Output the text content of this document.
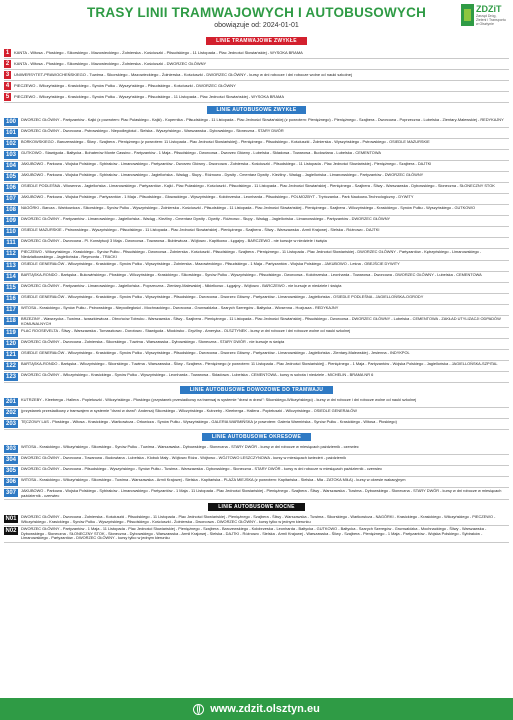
TRASY LINII TRAMWAJOWYCH I AUTOBUSOWYCH
obowiązuje od: 2024-01-01
ZDZiT
Zarząd Dróg, Zieleni i Transportu w Olsztynie
LINIE TRAMWAJOWE ZWYKŁE
1	KANTA - Witosa - Płoskiego - Sikorskiego - Mazowieckiego - Żołnierska - Kościuszki - Piłsudskiego - 11 Listopada - Plac Jedności Słowiańskiej - WYSOKA BRAMA
2	KANTA - Witosa - Płoskiego - Sikorskiego - Mazowieckiego - Żołnierska - Kościuszki - DWORZEC GŁÓWNY
3	UNIWERSYTET-PRAWOCHEŃSKIEGO - Tuwima - Sikorskiego - Mazowieckiego - Żołnierska - Kościuszki - DWORZEC GŁÓWNY - kursy w dni robocze i dni robocze wolne od nauki szkolnej
4	PIECZEWO - Wilczyńskiego - Krasickiego - Synów Pułku - Wyszyńskiego - Piłsudskiego - Kościuszki - DWORZEC GŁÓWNY
5	PIECZEWO - Wilczyńskiego - Krasickiego - Synów Pułku - Wyszyńskiego - Piłsudskiego - 11 Listopada - Plac Jedności Słowiańskiej - WYSOKA BRAMA
LINIE AUTOBUSOWE ZWYKŁE
100	DWORZEC GŁÓWNY - Partyzantów - Kajki (z powrotem: Plac Pułaskiego - Kajki) - Kopernika - Piłsudskiego - 11 Listopada - Plac Jedności Słowiańskiej (z powrotem: Pieniężnego) - Pieniężnego - Szajbera - Dworcowa - Poprzeczna - Lubelska - Zientary-Malewskiej - REDYKAJNY
101	DWORZEC GŁÓWNY - Dworcowa - Pstrowskiego - Niepodległości - Sielska - Wyszyńskiego - Warszawska - Dybowskiego - Słoneczna - STARY DWÓR
102	BORKOWSKIEGO - Barczewskiego - Śliwy - Szajbera - Pieniężnego (z powrotem: 11 Listopada - Plac Jedności Słowiańskiej) - Pieniężnego - Piłsudskiego - Kościuszki - Żołnierska - Wyszyńskiego - Pstrowskiego - OSIEDLE MAZURSKIE
103	GUTKOWO - Stawiguda - Bałtycka - Bohaterów Monte Cassino - Partyzantów - 1 Maja - Piłsudskiego - Dworcowa - Dworzec Główny - Lubelska - Składowa - Towarowa - Budowlana - Lubelska - CEMENTOWA
104	JAKUBOWO - Parkowa - Wojska Polskiego - Sybiraków - Limanowskiego - Partyzantów - Dworzec Główny - Dworcowa - Żołnierska - Kościuszki - Piłsudskiego - 11 Listopada - Plac Jedności Słowiańskiej - Pieniężnego - Szajbera - DAJTKI
105	JAKUBOWO - Parkowa - Wojska Polskiego - Sybiraków - Limanowskiego - Jagiellońska - Wadąg - Słupy - Różnowo - Dywity - Cmentarz Dywity - Kieźliny - Wadąg - Jagiellońska - Limanowskiego - Partyzantów - DWORZEC GŁÓWNY
106	OSIEDLE PODLEŚNA - Wiosenna - Jagiellońska - Limanowskiego - Partyzantów - Kajki - Plac Pułaskiego - Kościuszki - Piłsudskiego - 11 Listopada - Plac Jedności Słowiańskiej - Pieniężnego - Szajbera - Śliwy - Warszawska - Dybowskiego - Słoneczna - SŁONECZNY STOK
107	JAKUBOWO - Parkowa - Wojska Polskiego - Partyzantów - 1 Maja - Piłsudskiego - Głowackiego - Wyszyńskiego - Kołobrzeska - Leonharda - Piłsudskiego - POLMOZBYT - Tryńczanka - Park Naukowo-Technologiczny - DYWITY
108	NAGÓRKI - Barcza - Wańkowicza - Sikorskiego - Synów Pułku - Wyszyńskiego - Żołnierska - Kościuszki - Piłsudskiego - 11 Listopada - Plac Jedności Słowiańskiej - Pieniężnego - Szajbera - Wilczyńskiego - Krasickiego - Synów Pułku - Wyszyńskiego - GUTKOWO
109	DWORZEC GŁÓWNY - Partyzantów - Limanowskiego - Jagiellońska - Wadąg - Kieźliny - Cmentarz Dywity - Dywity - Różnowo - Słupy - Wadąg - Jagiellońska - Limanowskiego - Partyzantów - DWORZEC GŁÓWNY
110	OSIEDLE MAZURSKIE - Pstrowskiego - Wyszyńskiego - Piłsudskiego - 11 Listopada - Plac Jedności Słowiańskiej - Pieniężnego - Szajbera - Śliwy - Warszawska - Armii Krajowej - Sielska - Różnowo - DAJTKI
111	DWORZEC GŁÓWNY - Dworcowa - Pl. Konstytucji 3 Maja - Dworcowa - Towarowa - Bublewicza - Wójtowo - Kapitkowo - Łęgajny - BARCZEWO - nie kursuje w niedziele i święta
112	PIECZEWO - Wilczyńskiego - Krasickiego - Synów Pułku - Piłsudskiego - Dworcowa - Żołnierska - Kościuszki - Piłsudskiego - Szajbera - Pieniężnego - 11 Listopada - Plac Jedności Słowiańskiej - DWORZEC GŁÓWNY - Partyzantów - Kętrzyńskiego - Limanowskiego - Niedziałkowskiego - Jagiellońska - Reymonta - TRACKI
113	OSIEDLE GENERAŁÓW - Wilczyńskiego - Krasickiego - Synów Pułku - Wyszyńskiego - Żołnierska - Mazowieckiego - Piłsudskiego - 1 Maja - Partyzantów - Wojska Polskiego - JAKUBOWO - Leśna - OBEJŚCIE DYWITY
114	BARTĄSKA-RONDO - Bartąska - Bukowińskiego - Płoskiego - Wilczyńskiego - Krasickiego - Sikorskiego - Synów Pułku - Wyszyńskiego - Piłsudskiego - Dworcowa - Kołobrzeska - Leonharda - Towarowa - Dworcowa - DWORZEC GŁÓWNY - Lubelska - CEMENTOWA
115	DWORZEC GŁÓWNY - Partyzantów - Limanowskiego - Jagiellońska - Poprzeczna - Zientary-Malewskiej - Nikielkowo - Łęgajny - Wójtowo - BARCZEWO - nie kursuje w niedziele i święta
116	OSIEDLE GENERAŁÓW - Wilczyńskiego - Krasickiego - Synów Pułku - Wyszyńskiego - Piłsudskiego - Dworcowa - Dworzec Główny - Partyzantów - Limanowskiego - Jagiellońska - OSIEDLE PODLEŚNA - JAGIELLOŃSKA-OGRODY
117	WITOSA - Krasickiego - Synów Pułku - Pstrowskiego - Niepodległości - Mochnackiego - Dworcowa - Grunwaldzka - Szarych Szeregów - Bałtycka - Wiosenna - Hozjusza - REDYKAJNY
118	BRZEZINY - Wawrzycka - Tuwima - Iwaszkiewicza - Obrońców Tobruku - Warszawska - Śliwy - Szajbera - Pieniężnego - 11 Listopada - Plac Jedności Słowiańskiej - Piłsudskiego - Dworcowa - DWORZEC GŁÓWNY - Lubelska - CEMENTOWA - ZAKŁAD UTYLIZACJI ODPADÓW KOMUNALNYCH
119	PLAC ROOSEVELTA - Śliwy - Warszawska - Tomaszkowo - Dorotowo - Stawiguda - Miodówko - Gryźliny - Amerykа - OLSZTYNEK - kursy w dni robocze i dni robocze wolne od nauki szkolnej
120	DWORZEC GŁÓWNY - Dworcowa - Żołnierska - Sikorskiego - Tuwima - Warszawska - Dybowskiego - Słoneczna - STARY DWÓR - nie kursuje w święta
121	OSIEDLE GENERAŁÓW - Wilczyńskiego - Krasickiego - Synów Pułku - Wyszyńskiego - Piłsudskiego - Dworcowa - Dworzec Główny - Partyzantów - Limanowskiego - Jagiellońska - Zientary-Malewskiej - Jesienna - INDYKPOL
122	BARTĄSKA-RONDO - Bartąska - Wilczyńskiego - Sikorskiego - Tuwima - Warszawska - Śliwy - Szajbera - Pieniężnego (z powrotem: 11 Listopada - Plac Jedności Słowiańskiej) - Pieniężnego - 1 Maja - Partyzantów - Wojska Polskiego - Jagiellońska - JAGIELLOŃSKA-SZPITAL
123	DWORZEC GŁÓWNY - Wilczyńskiego - Krasickiego - Synów Pułku - Wyszyńskiego - Leonharda - Towarowa - Składowa - Lubelska - CEMENTOWA - kursy w sobota i niedziele - MICHELIN - BRAMA NR 6
LINIE AUTOBUSOWE DOWOZOWE DO TRAMWAJU
201	KUTRZEBY - Kleeberga - Hallera - Popiełuszki - Wilczyńskiego - Płoskiego (przystanek przesiadkowy na tramwaj w systemie "drzwi w drzwi": Sikorskiego-Wilczyńskiego) - kursy w dni robocze i dni robocze wolne od nauki szkolnej
202	(przystanek przesiadkowy z tramwajem w systemie "drzwi w drzwi": Andersa) Sikorskiego - Wilczyńskiego - Kutrzeby - Kleeberga - Hallera - Popiełuszki - Wilczyńskiego - OSIEDLE GENERAŁÓW
203	TĘCZOWY LAS - Płoskiego - Witosa - Krasickiego - Wańkowicza - Orłowicza - Synów Pułku - Wyszyńskiego - GALERIA WARMIŃSKA (z powrotem: Galeria Warmińska - Synów Pułku - Krasickiego - Witosa - Płoskiego)
LINIE AUTOBUSOWE OKRESOWE
303	WITOSA - Krasickiego - Wilczyńskiego - Sikorskiego - Synów Pułku - Tuwima - Warszawska - Dybowskiego - Słoneczna - STARY DWÓR - kursy w dni robocze w miesiącach październik - czerwiec
304	DWORZEC GŁÓWNY - Dworcowa - Towarowa - Budowlana - Lubelska - Klobuk Mały - Wójtowo Róża - Wójtowo - WÓJTOWO LESZCZYNOWA - kursy w miesiącach kwiecień - październik
305	DWORZEC GŁÓWNY - Dworcowa - Piłsudskiego - Wyszyńskiego - Synów Pułku - Tuwima - Warszawska - Dybowskiego - Słoneczna - STARY DWÓR - kursy w dni robocze w miesiącach październik - czerwiec
306	WITOSA - Krasickiego - Wilczyńskiego - Sikorskiego - Tuwima - Warszawska - Armii Krajowej - Sielska - Kapitańska - PLAŻA MIEJSKA (z powrotem: Kapitańska - Sielska - Mła - ZATOKA MIŁA) - kursy w okresie wakacyjnym
307	JAKUBOWO - Parkowa - Wojska Polskiego - Sybiraków - Limanowskiego - Partyzantów - 1 Maja - 11 Listopada - Plac Jedności Słowiańskiej - Pieniężnego - Szajbera - Śliwy - Warszawska - Tuwima - Dybowskiego - Słoneczna - STARY DWÓR - kursy w dni robocze w miesiącach październik - czerwiec
LINIE AUTOBUSOWE NOCNE
N01	DWORZEC GŁÓWNY - Dworcowa - Żołnierska - Kościuszki - Piłsudskiego - 11 Listopada - Plac Jedności Słowiańskiej - Pieniężnego - Szajbera - Śliwy - Warszawska - Tuwima - Sikorskiego - Wańkowicza - NAGÓRKI - Krasickiego - Krasickiego - Wilczyńskiego - PIECZEWO - Wilczyńskiego - Krasickiego - Synów Pułku - Wyszyńskiego - Piłsudskiego - Kościuszki - Żołnierska - Dworcowa - DWORZEC GŁÓWNY - kursy tylko w jednym kierunku
N02	DWORZEC GŁÓWNY - Partyzantów - 1 Maja - 11 Listopada - Plac Jedności Słowiańskiej - Pieniężnego - Szajbera - Barczewskiego - Kołobrzeska - Leonharda - Bałtycka - GUTKOWO - Bałtycka - Szarych Szeregów - Grunwaldzka - Mochnackiego - Śliwy - Warszawska - Dybowskiego - Słoneczna - SŁONECZNY STOK - Słoneczna - Dybowskiego - Warszawska - Armii Krajowej - Sielska - DAJTKI - Różnowo - Sielska - Armii Krajowej - Warszawska - Śliwy - Szajbera - Pieniężnego - 1 Maja - Partyzantów - Wojska Polskiego - Sybiraków - Limanowskiego - Partyzantów - DWORZEC GŁÓWNY - kursy tylko w jednym kierunku
www.zdzit.olsztyn.eu
